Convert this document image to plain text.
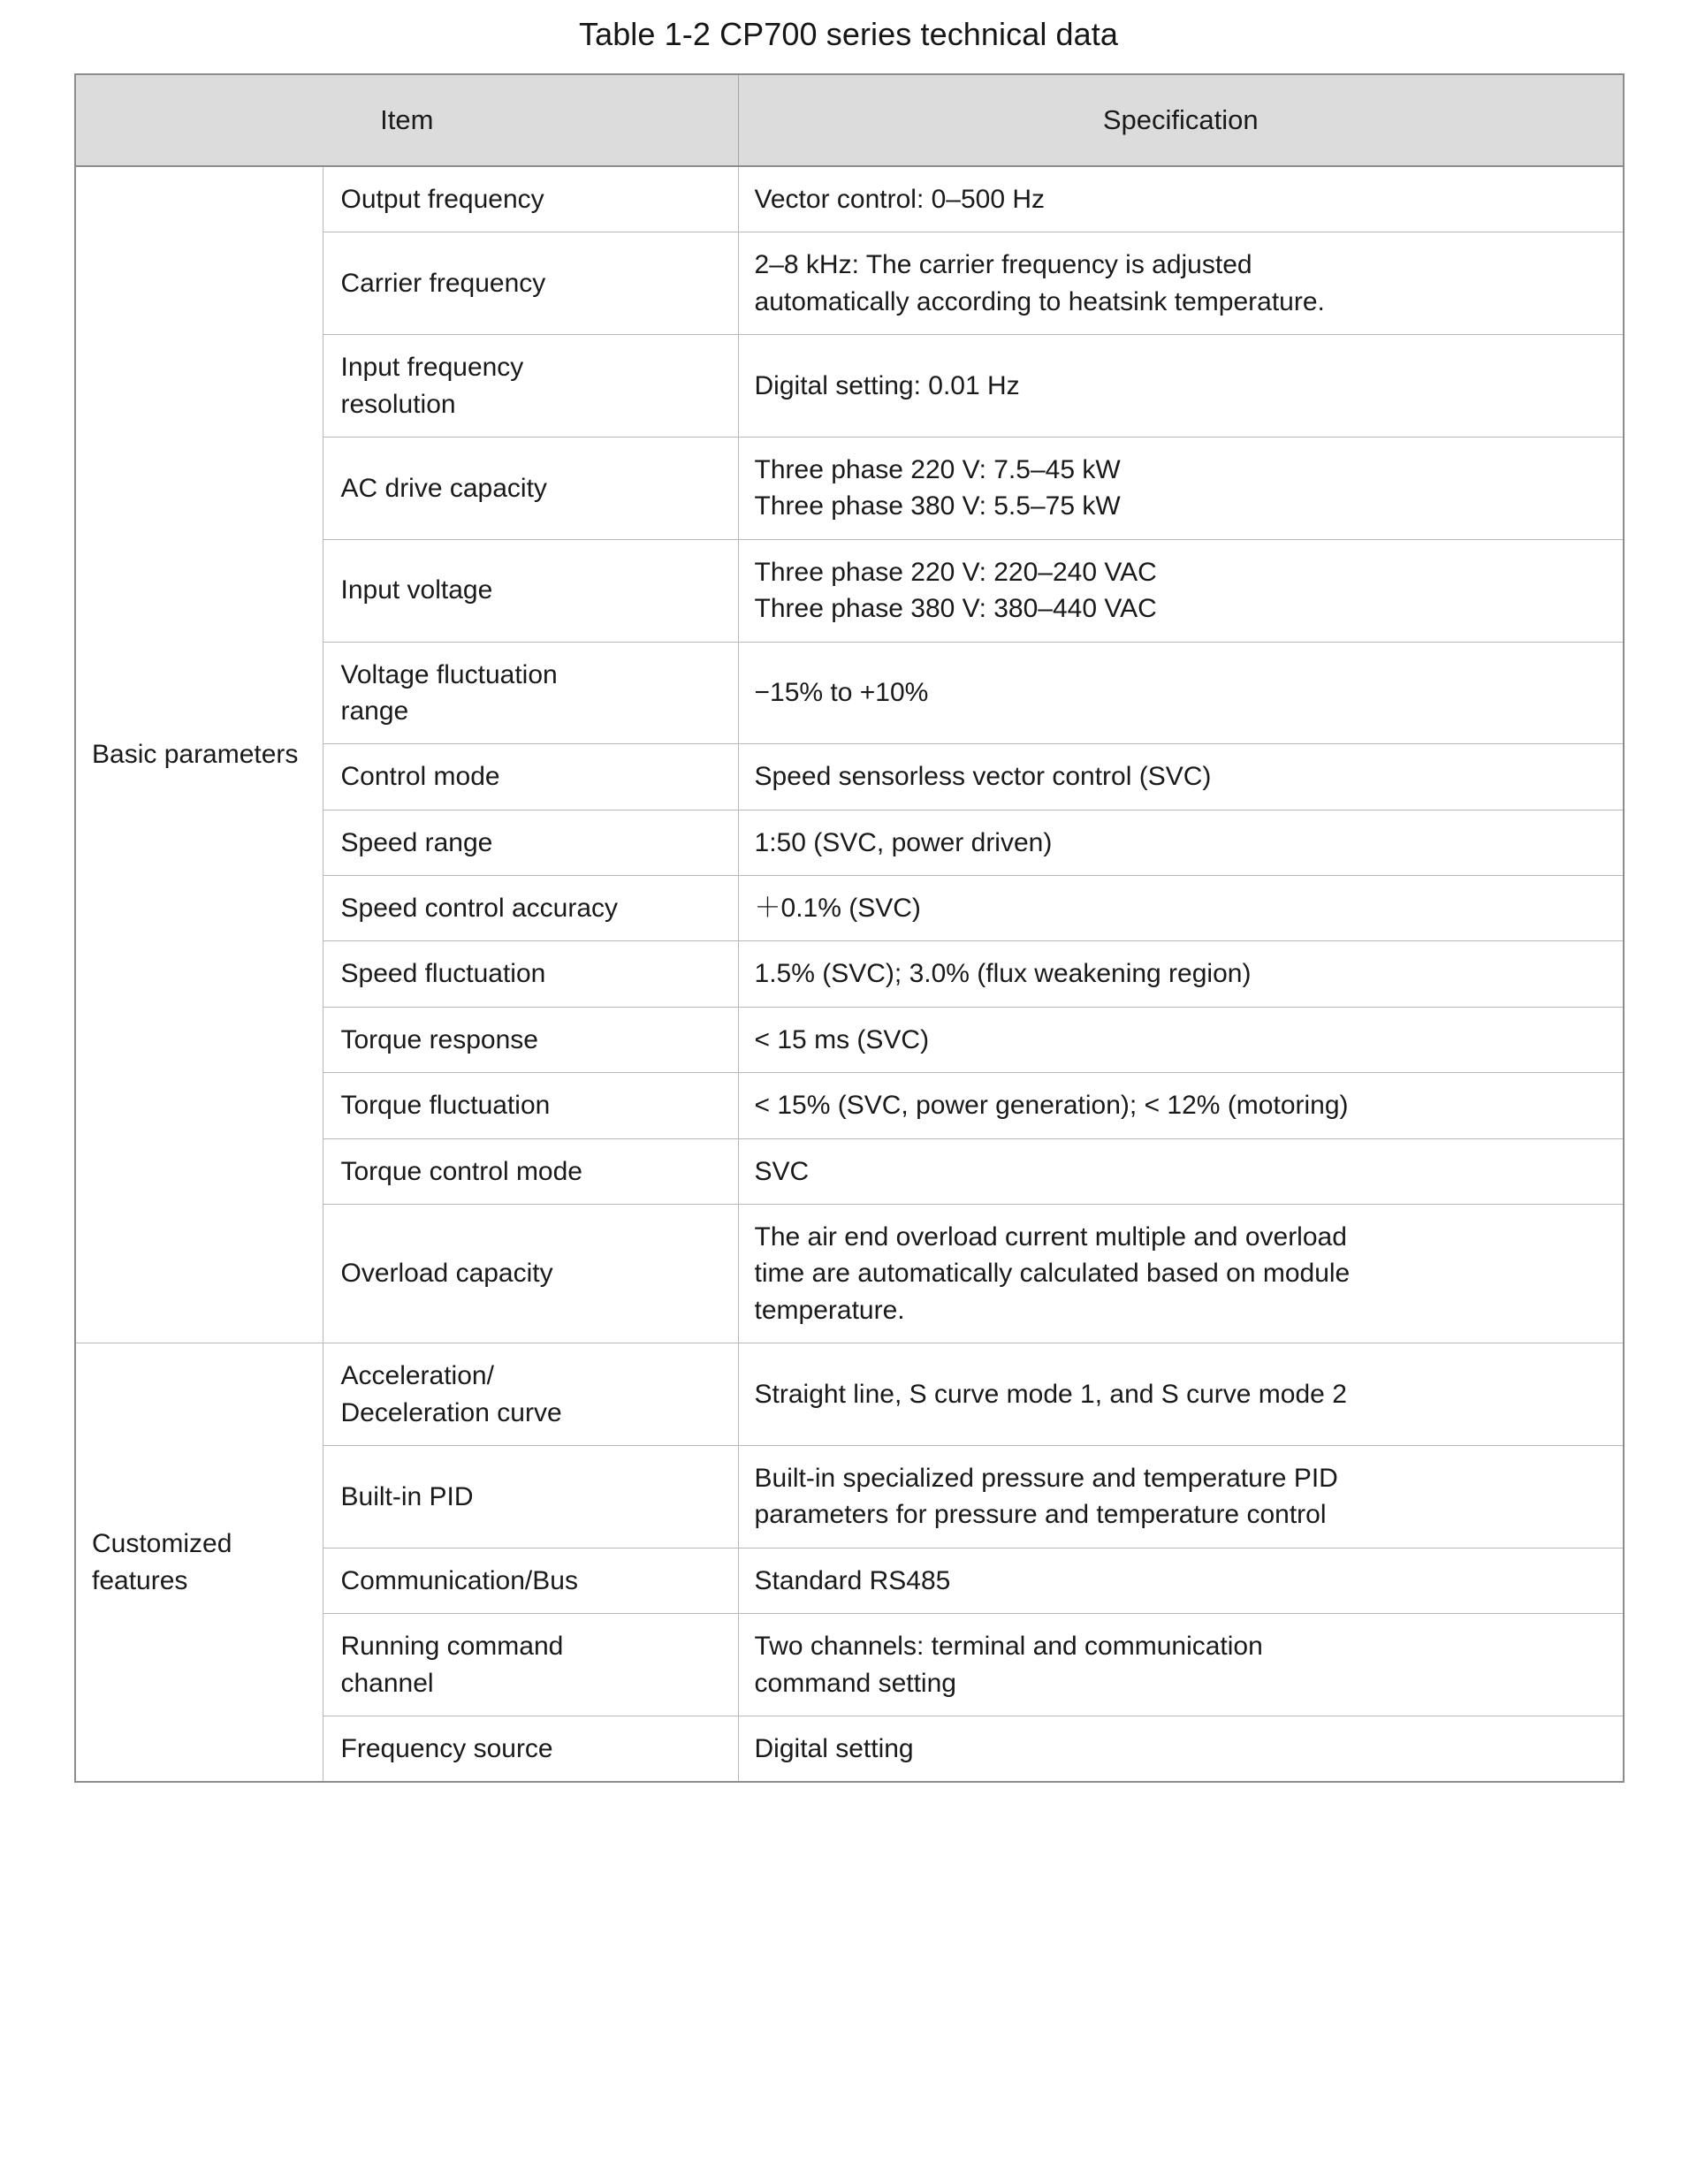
Table 1-2 CP700 series technical data
Item		Specification
Basic parameters	Output frequency	Vector control: 0–500 Hz

	Carrier frequency	2–8 kHz: The carrier frequency is adjusted
automatically according to heatsink temperature.

	Input frequency
resolution	Digital setting: 0.01 Hz

	AC drive capacity	Three phase 220 V: 7.5–45 kW
Three phase 380 V: 5.5–75 kW

	Input voltage	Three phase 220 V: 220–240 VAC
Three phase 380 V: 380–440 VAC

	Voltage fluctuation
range	−15% to +10%

	Control mode	Speed sensorless vector control (SVC)

	Speed range	1:50 (SVC, power driven)

	Speed control accuracy	＋0.1% (SVC)

	Speed fluctuation	1.5% (SVC); 3.0% (flux weakening region)

	Torque response	< 15 ms (SVC)

	Torque fluctuation	< 15% (SVC, power generation); < 12% (motoring)

	Torque control mode	SVC

	Overload capacity	The air end overload current multiple and overload
time are automatically calculated based on module
temperature.

Customized features	Acceleration/
Deceleration curve	Straight line, S curve mode 1, and S curve mode 2

	Built-in PID	Built-in specialized pressure and temperature PID
parameters for pressure and temperature control

	Communication/Bus	Standard RS485

	Running command
channel	Two channels: terminal and communication
command setting

	Frequency source	Digital setting
